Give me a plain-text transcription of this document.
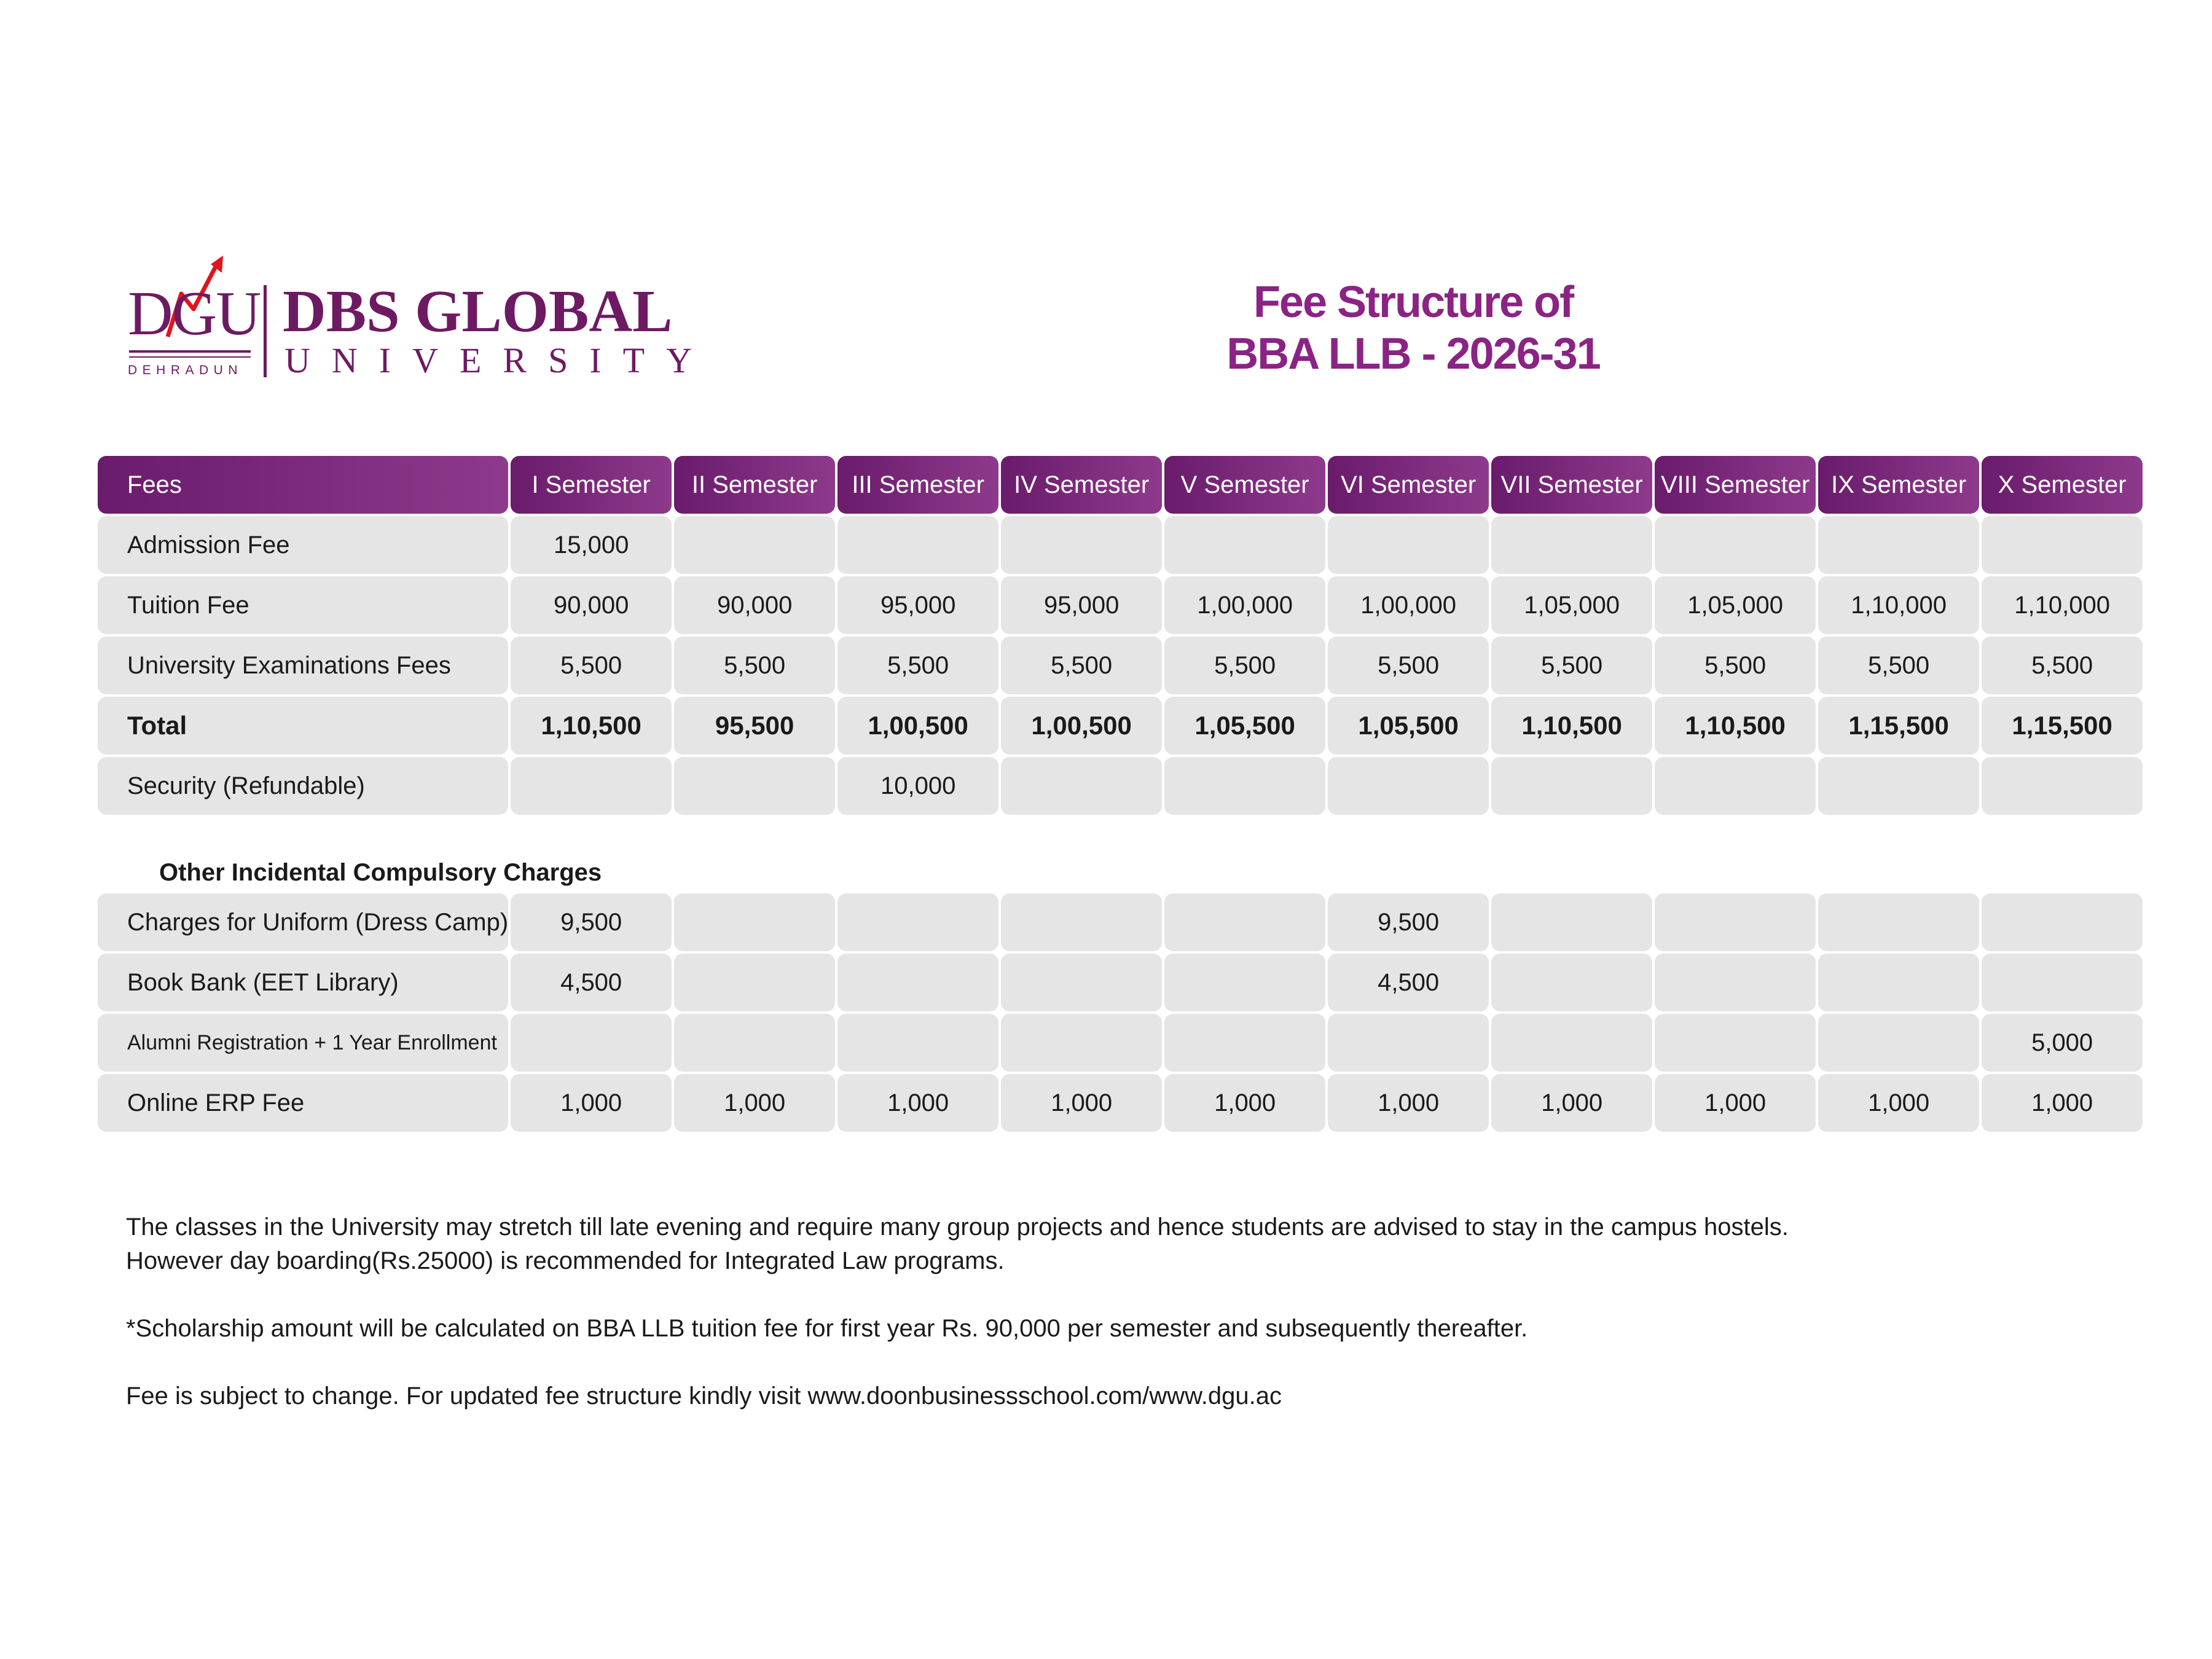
DGU
DEHRADUN
DBS GLOBAL
UNIVERSITY
Fee Structure of
BBA LLB - 2026-31
Fees	I Semester	II Semester	III Semester	IV Semester	V Semester	VI Semester	VII Semester	VIII Semester	IX Semester	X Semester
Admission Fee	15,000									
Tuition Fee	90,000	90,000	95,000	95,000	1,00,000	1,00,000	1,05,000	1,05,000	1,10,000	1,10,000
University Examinations Fees	5,500	5,500	5,500	5,500	5,500	5,500	5,500	5,500	5,500	5,500
Total	1,10,500	95,500	1,00,500	1,00,500	1,05,500	1,05,500	1,10,500	1,10,500	1,15,500	1,15,500
Security (Refundable)			10,000							

Other Incidental Compulsory Charges										
Charges for Uniform (Dress Camp)	9,500					9,500				
Book Bank (EET Library)	4,500					4,500				
Alumni Registration + 1 Year Enrollment										5,000
Online ERP Fee	1,000	1,000	1,000	1,000	1,000	1,000	1,000	1,000	1,000	1,000

The classes in the University may stretch till late evening and require many group projects and hence students are advised to stay in the campus hostels.

However day boarding(Rs.25000) is recommended for Integrated Law programs.

*Scholarship amount will be calculated on BBA LLB tuition fee for first year Rs. 90,000 per semester and subsequently thereafter.

Fee is subject to change. For updated fee structure kindly visit www.doonbusinessschool.com/www.dgu.ac
